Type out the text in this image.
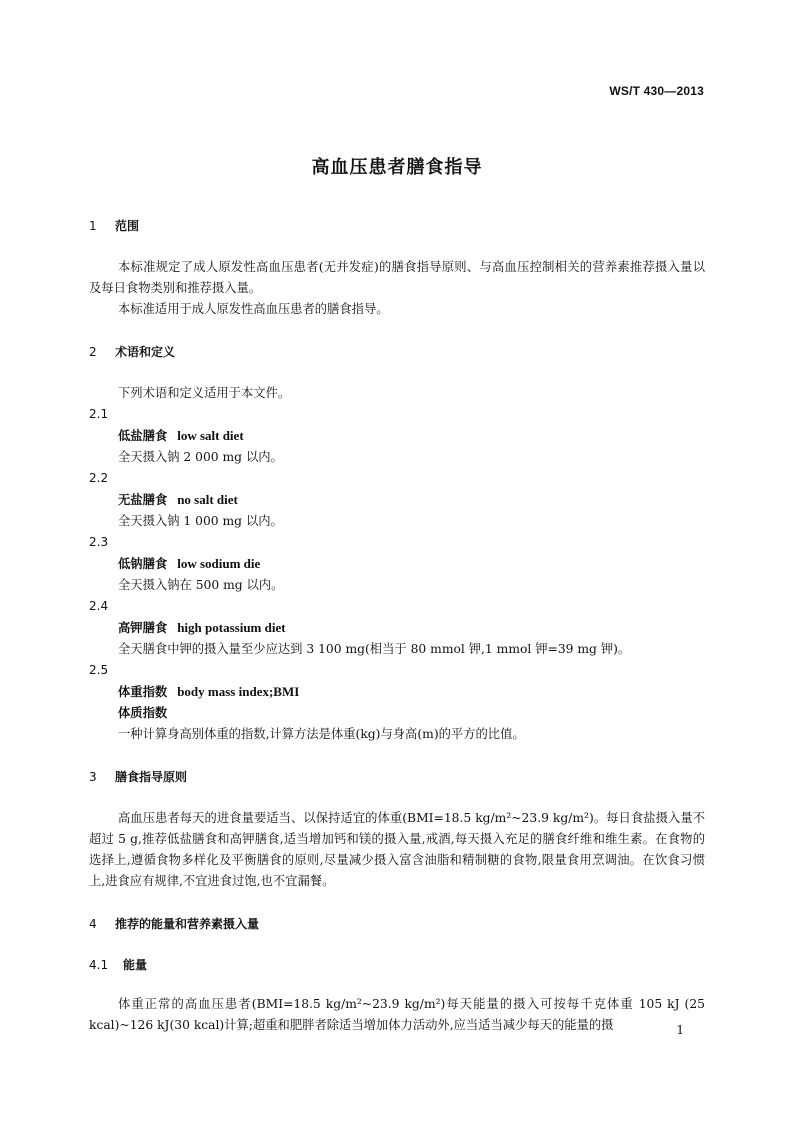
WS/T 430—2013
高血压患者膳食指导
1 范围

本标准规定了成人原发性高血压患者(无并发症)的膳食指导原则、与高血压控制相关的营养素推荐摄入量以及每日食物类别和推荐摄入量。

本标准适用于成人原发性高血压患者的膳食指导。

2 术语和定义

下列术语和定义适用于本文件。

2.1

低盐膳食 low salt diet

全天摄入钠 2 000 mg 以内。

2.2

无盐膳食 no salt diet

全天摄入钠 1 000 mg 以内。

2.3

低钠膳食 low sodium die

全天摄入钠在 500 mg 以内。

2.4

高钾膳食 high potassium diet

全天膳食中钾的摄入量至少应达到 3 100 mg(相当于 80 mmol 钾,1 mmol 钾=39 mg 钾)。

2.5

体重指数 body mass index;BMI

体质指数

一种计算身高别体重的指数,计算方法是体重(kg)与身高(m)的平方的比值。

3 膳食指导原则

高血压患者每天的进食量要适当、以保持适宜的体重(BMI=18.5 kg/m²~23.9 kg/m²)。每日食盐摄入量不超过 5 g,推荐低盐膳食和高钾膳食,适当增加钙和镁的摄入量,戒酒,每天摄入充足的膳食纤维和维生素。在食物的选择上,遵循食物多样化及平衡膳食的原则,尽量减少摄入富含油脂和精制糖的食物,限量食用烹调油。在饮食习惯上,进食应有规律,不宜进食过饱,也不宜漏餐。

4 推荐的能量和营养素摄入量
4.1 能量

体重正常的高血压患者(BMI=18.5 kg/m²~23.9 kg/m²)每天能量的摄入可按每千克体重 105 kJ (25 kcal)~126 kJ(30 kcal)计算;超重和肥胖者除适当增加体力活动外,应当适当减少每天的能量的摄	1
